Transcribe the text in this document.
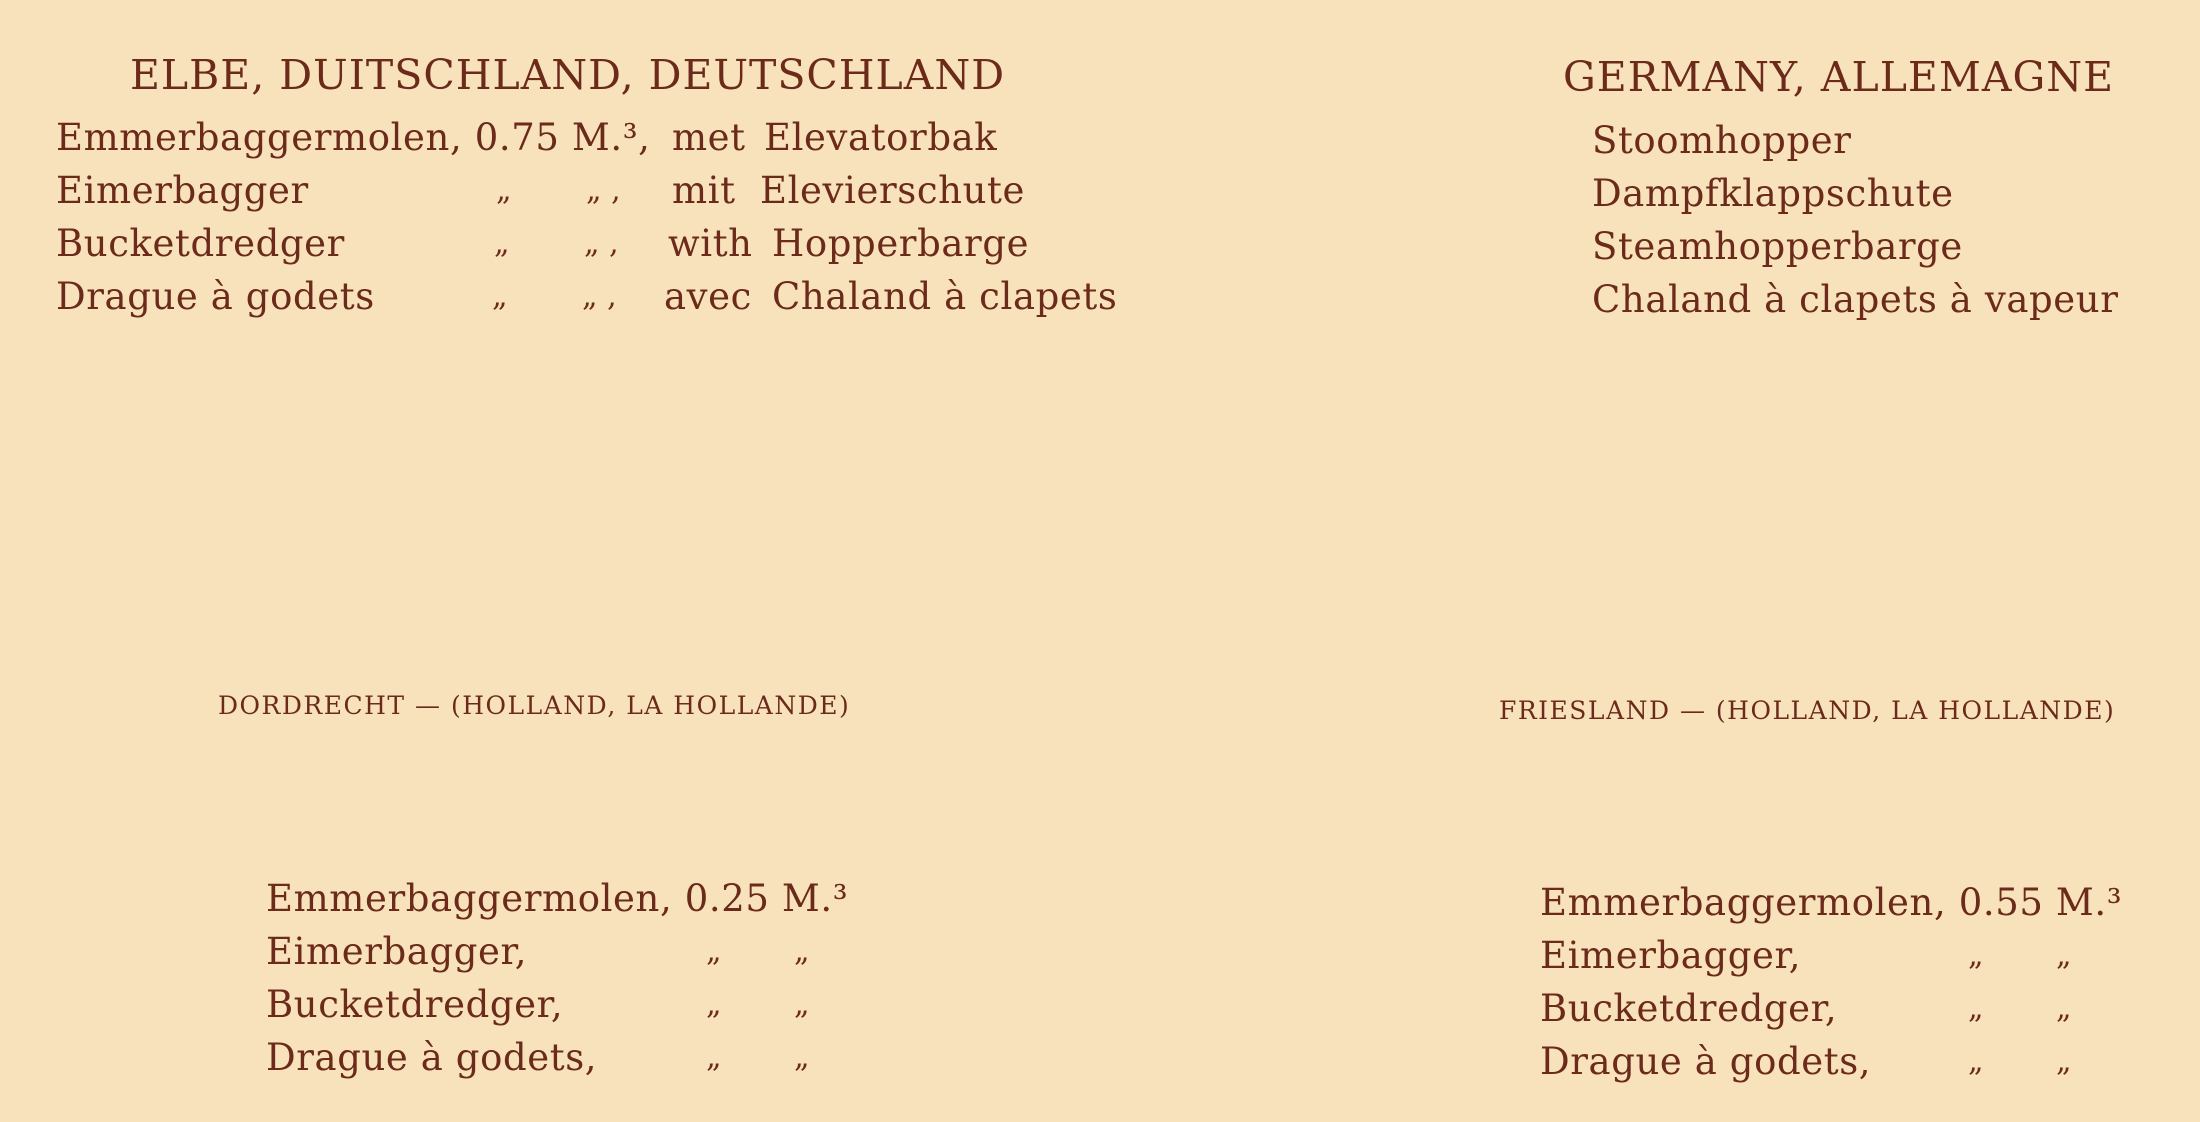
ELBE, DUITSCHLAND, DEUTSCHLAND
Emmerbaggermolen, 0.75 M.³, met Elevatorbak
Eimerbagger	„ „ , mit Elevierschute
Bucketdredger	„ „ , with Hopperbarge
Drague à godets	„ „ , avec Chaland à clapets
GERMANY, ALLEMAGNE
Stoomhopper
Dampfklappschute
Steamhopperbarge
Chaland à clapets à vapeur
DORDRECHT — (HOLLAND, LA HOLLANDE)	FRIESLAND — (HOLLAND, LA HOLLANDE)
Emmerbaggermolen, 0.25 M.³
Eimerbagger,	„ „
Bucketdredger,	„ „
Drague à godets,	„ „
Emmerbaggermolen, 0.55 M.³
Eimerbagger,	„ „
Bucketdredger,	„ „
Drague à godets,	„ „
